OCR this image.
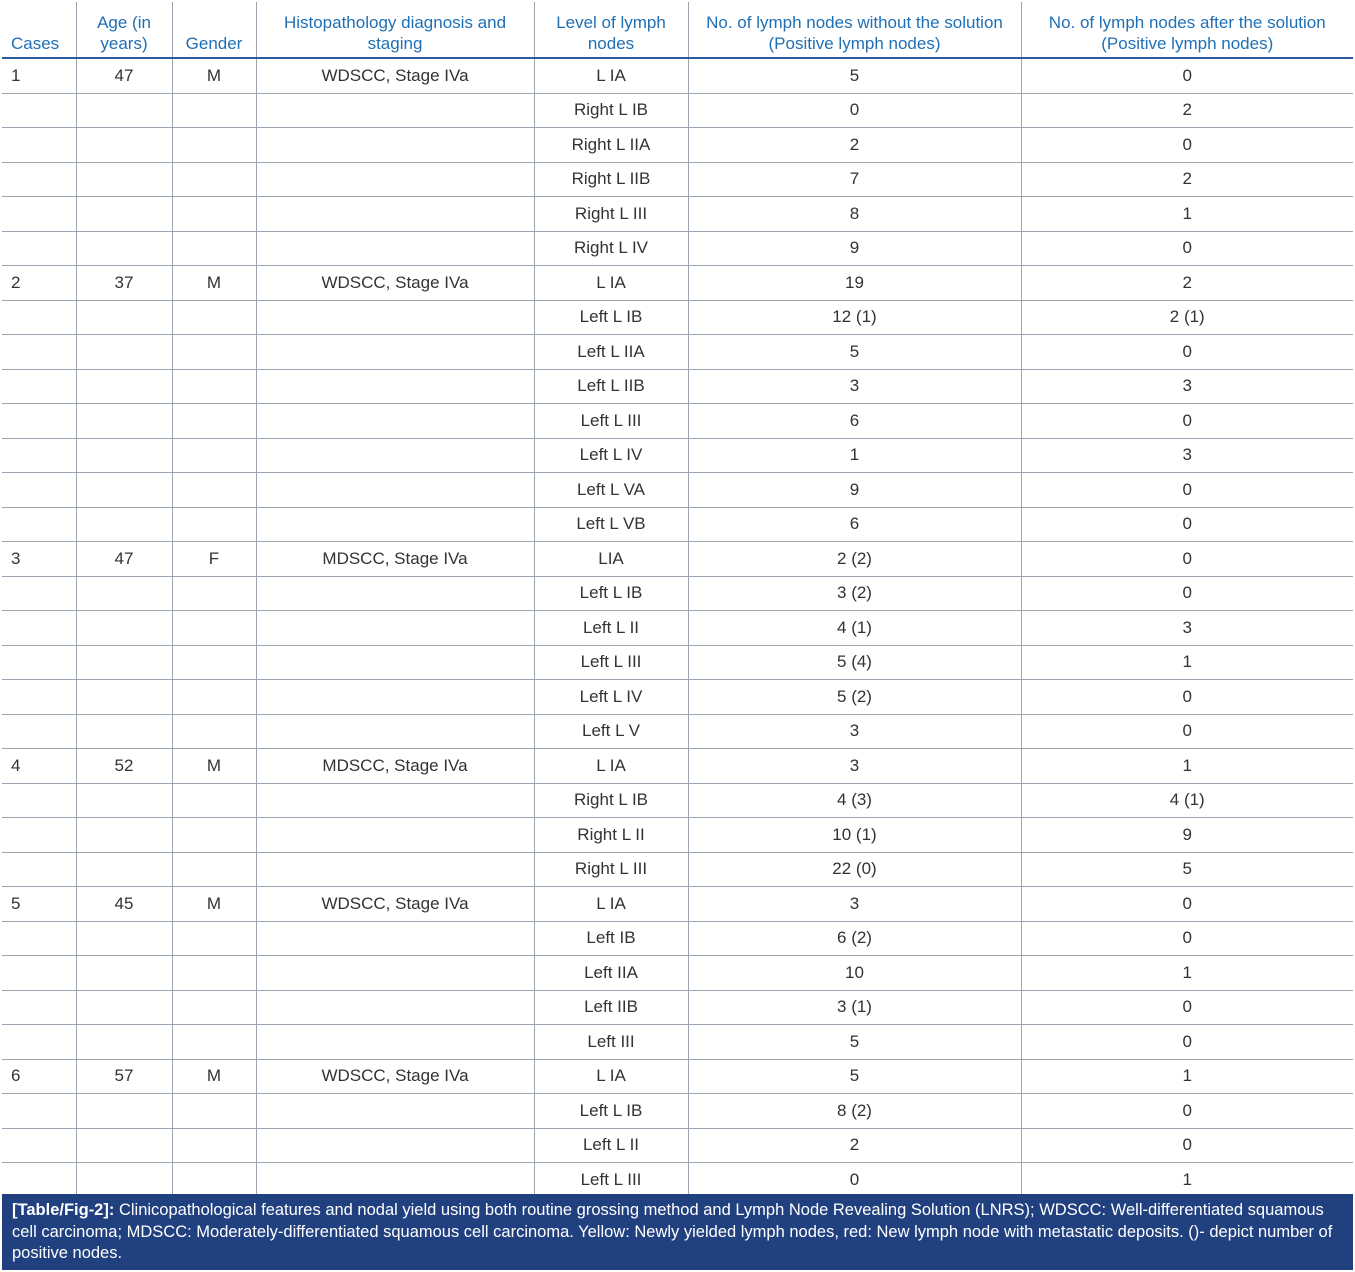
Cases	Age (in years)	Gender	Histopathology diagnosis and staging	Level of lymph nodes	No. of lymph nodes without the solution (Positive lymph nodes)	No. of lymph nodes after the solution (Positive lymph nodes)
1	47	M	WDSCC, Stage IVa	L IA	5	0
				Right L IB	0	2
				Right L IIA	2	0
				Right L IIB	7	2
				Right L III	8	1
				Right L IV	9	0
2	37	M	WDSCC, Stage IVa	L IA	19	2
				Left L IB	12 (1)	2 (1)
				Left L IIA	5	0
				Left L IIB	3	3
				Left L III	6	0
				Left L IV	1	3
				Left L VA	9	0
				Left L VB	6	0
3	47	F	MDSCC, Stage IVa	LIA	2 (2)	0
				Left L IB	3 (2)	0
				Left L II	4 (1)	3
				Left L III	5 (4)	1
				Left L IV	5 (2)	0
				Left L V	3	0
4	52	M	MDSCC, Stage IVa	L IA	3	1
				Right L IB	4 (3)	4 (1)
				Right L II	10 (1)	9
				Right L III	22 (0)	5
5	45	M	WDSCC, Stage IVa	L IA	3	0
				Left IB	6 (2)	0
				Left IIA	10	1
				Left IIB	3 (1)	0
				Left III	5	0
6	57	M	WDSCC, Stage IVa	L IA	5	1
				Left L IB	8 (2)	0
				Left L II	2	0
				Left L III	0	1
[Table/Fig-2]: Clinicopathological features and nodal yield using both routine grossing method and Lymph Node Revealing Solution (LNRS); WDSCC: Well-differentiated squamous cell carcinoma; MDSCC: Moderately-differentiated squamous cell carcinoma. Yellow: Newly yielded lymph nodes, red: New lymph node with metastatic deposits. ()- depict number of positive nodes.
